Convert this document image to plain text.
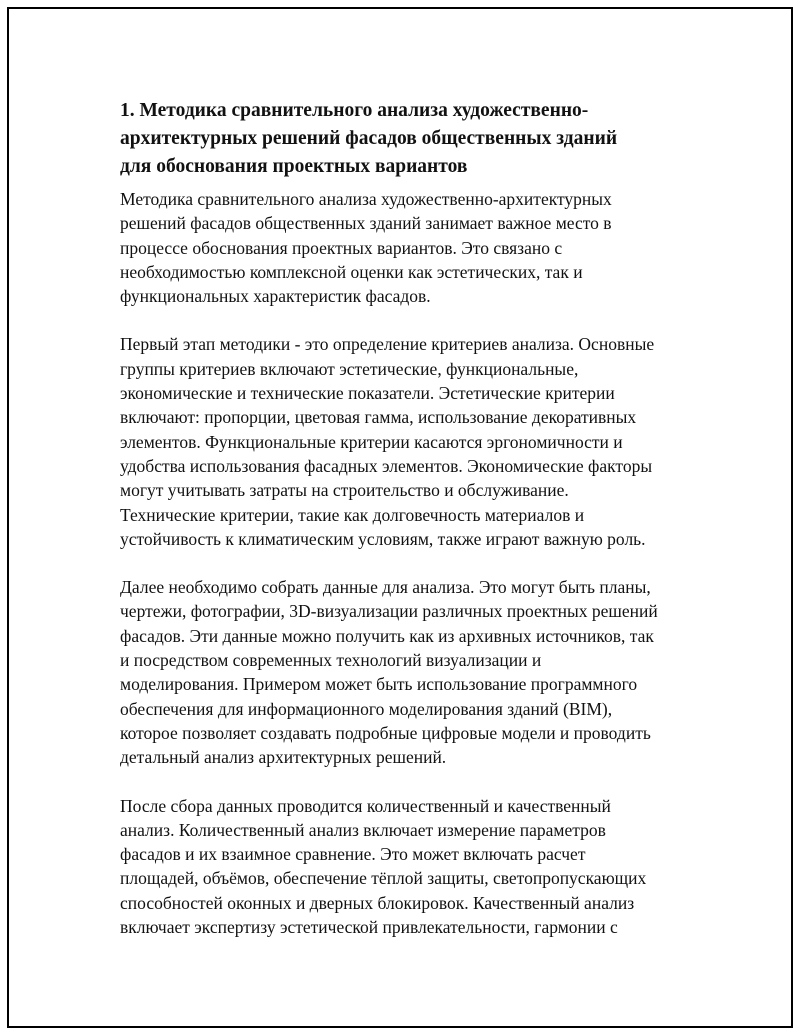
1. Методика сравнительного анализа художественно-
архитектурных решений фасадов общественных зданий
для обоснования проектных вариантов

Методика сравнительного анализа художественно-архитектурных
решений фасадов общественных зданий занимает важное место в
процессе обоснования проектных вариантов. Это связано с
необходимостью комплексной оценки как эстетических, так и
функциональных характеристик фасадов.

Первый этап методики - это определение критериев анализа. Основные
группы критериев включают эстетические, функциональные,
экономические и технические показатели. Эстетические критерии
включают: пропорции, цветовая гамма, использование декоративных
элементов. Функциональные критерии касаются эргономичности и
удобства использования фасадных элементов. Экономические факторы
могут учитывать затраты на строительство и обслуживание.
Технические критерии, такие как долговечность материалов и
устойчивость к климатическим условиям, также играют важную роль.

Далее необходимо собрать данные для анализа. Это могут быть планы,
чертежи, фотографии, 3D-визуализации различных проектных решений
фасадов. Эти данные можно получить как из архивных источников, так
и посредством современных технологий визуализации и
моделирования. Примером может быть использование программного
обеспечения для информационного моделирования зданий (BIM),
которое позволяет создавать подробные цифровые модели и проводить
детальный анализ архитектурных решений.

После сбора данных проводится количественный и качественный
анализ. Количественный анализ включает измерение параметров
фасадов и их взаимное сравнение. Это может включать расчет
площадей, объёмов, обеспечение тёплой защиты, светопропускающих
способностей оконных и дверных блокировок. Качественный анализ
включает экспертизу эстетической привлекательности, гармонии с
